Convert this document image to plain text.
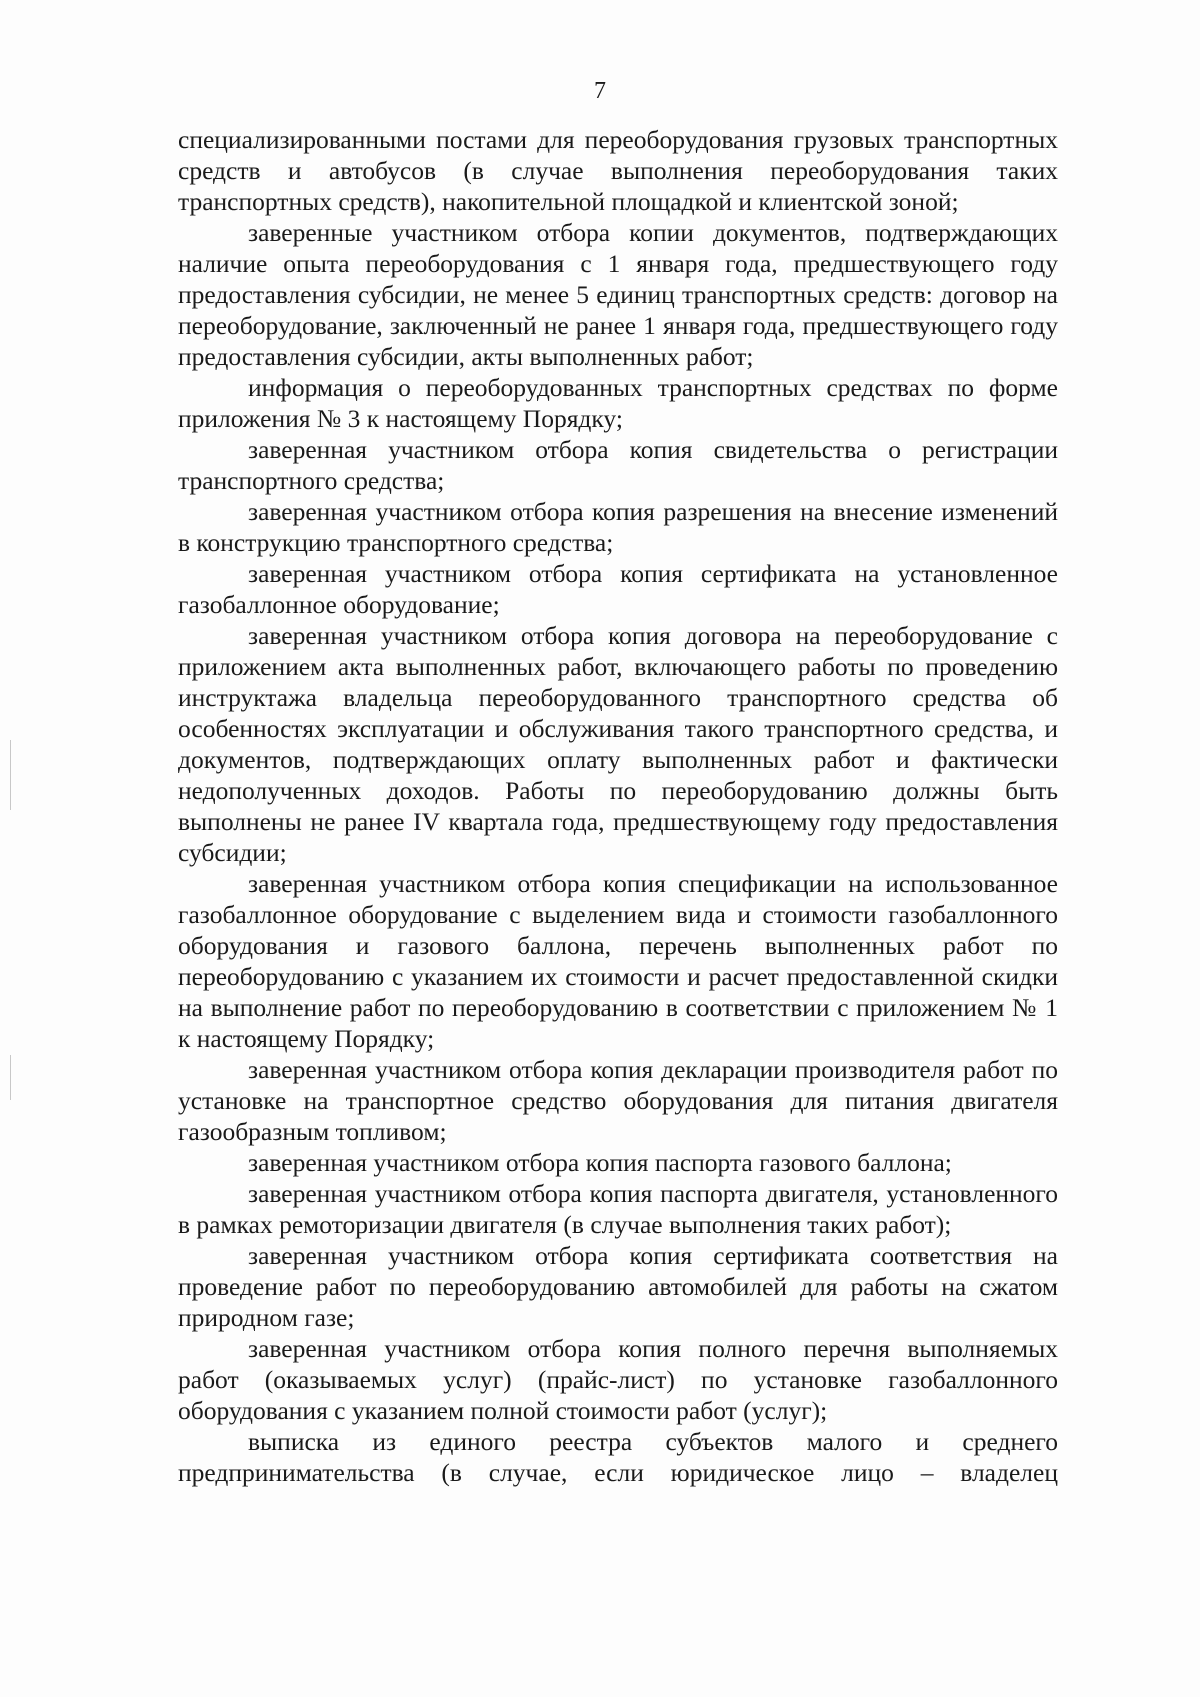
7

специализированными постами для переоборудования грузовых транспортных средств и автобусов (в случае выполнения переоборудования таких транспортных средств), накопительной площадкой и клиентской зоной;

заверенные участником отбора копии документов, подтверждающих наличие опыта переоборудования с 1 января года, предшествующего году предоставления субсидии, не менее 5 единиц транспортных средств: договор на переоборудование, заключенный не ранее 1 января года, предшествующего году предоставления субсидии, акты выполненных работ;

информация о переоборудованных транспортных средствах по форме приложения № 3 к настоящему Порядку;

заверенная участником отбора копия свидетельства о регистрации транспортного средства;

заверенная участником отбора копия разрешения на внесение изменений в конструкцию транспортного средства;

заверенная участником отбора копия сертификата на установленное газобаллонное оборудование;

заверенная участником отбора копия договора на переоборудование с приложением акта выполненных работ, включающего работы по проведению инструктажа владельца переоборудованного транспортного средства об особенностях эксплуатации и обслуживания такого транспортного средства, и документов, подтверждающих оплату выполненных работ и фактически недополученных доходов. Работы по переоборудованию должны быть выполнены не ранее IV квартала года, предшествующему году предоставления субсидии;

заверенная участником отбора копия спецификации на использованное газобаллонное оборудование с выделением вида и стоимости газобаллонного оборудования и газового баллона, перечень выполненных работ по переоборудованию с указанием их стоимости и расчет предоставленной скидки на выполнение работ по переоборудованию в соответствии с приложением № 1 к настоящему Порядку;

заверенная участником отбора копия декларации производителя работ по установке на транспортное средство оборудования для питания двигателя газообразным топливом;

заверенная участником отбора копия паспорта газового баллона;

заверенная участником отбора копия паспорта двигателя, установленного в рамках ремоторизации двигателя (в случае выполнения таких работ);

заверенная участником отбора копия сертификата соответствия на проведение работ по переоборудованию автомобилей для работы на сжатом природном газе;

заверенная участником отбора копия полного перечня выполняемых работ (оказываемых услуг) (прайс-лист) по установке газобаллонного оборудования с указанием полной стоимости работ (услуг);

выписка из единого реестра субъектов малого и среднего предпринимательства (в случае, если юридическое лицо – владелец
